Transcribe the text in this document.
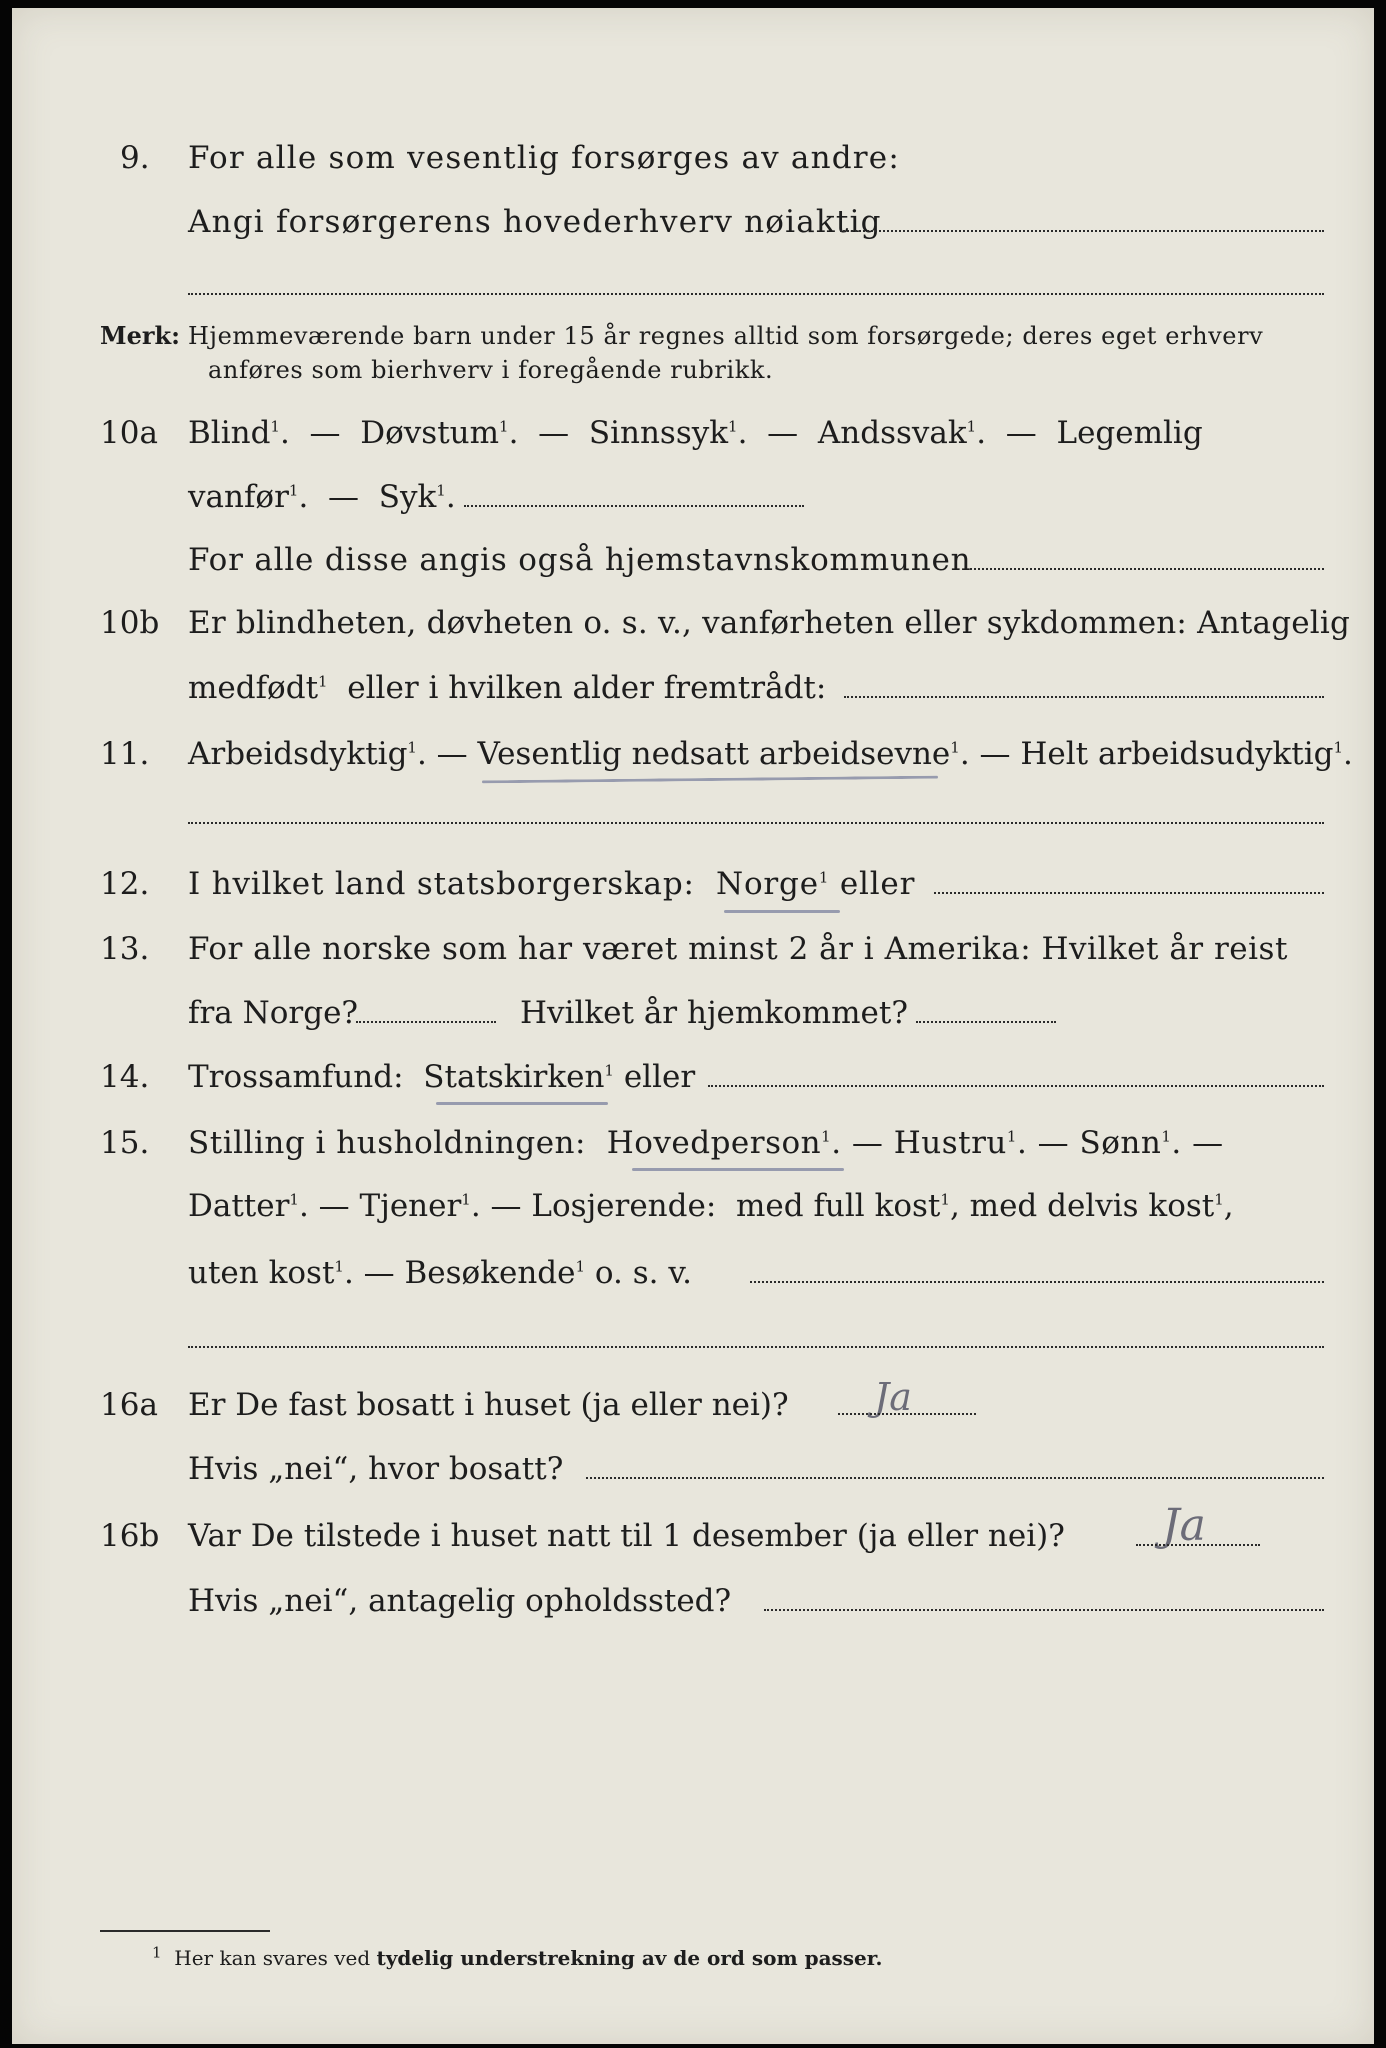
9. For alle som vesentlig forsørges av andre:
Angi forsørgerens hovederhverv nøiaktig
Merk: Hjemmeværende barn under 15 år regnes alltid som forsørgede; deres eget erhverv
anføres som bierhverv i foregående rubrikk.
10a Blind$^1$.  — Døvstum$^1$.  — Sinnssyk$^1$.  — Andssvak$^1$.  — Legemlig
vanfør$^1$.  — Syk$^1$.
For alle disse angis også hjemstavnskommunen
10b Er blindheten, døvheten o. s. v., vanførheten eller sykdommen: Antagelig
medfødt$^1$ eller i hvilken alder fremtrådt:
11. Arbeidsdyktig$^1$. — Vesentlig nedsatt arbeidsevne$^1$. — Helt arbeidsudyktig$^1$.
12. I hvilket land statsborgerskap: Norge$^1$ eller
13. For alle norske som har været minst 2 år i Amerika: Hvilket år reist
fra Norge?	Hvilket år hjemkommet?
14. Trossamfund: Statskirken$^1$ eller
15. Stilling i husholdningen: Hovedperson$^1$. — Hustru$^1$. — Sønn$^1$. —
Datter$^1$. — Tjener$^1$. — Losjerende: med full kost$^1$, med delvis kost$^1$,
uten kost$^1$. — Besøkende$^1$ o. s. v.
16a Er De fast bosatt i huset (ja eller nei)? Ja
Hvis „nei“, hvor bosatt?
16b Var De tilstede i huset natt til 1 desember (ja eller nei)? Ja
Hvis „nei“, antagelig opholdssted?
$^1$ Her kan svares ved tydelig understrekning av de ord som passer.
